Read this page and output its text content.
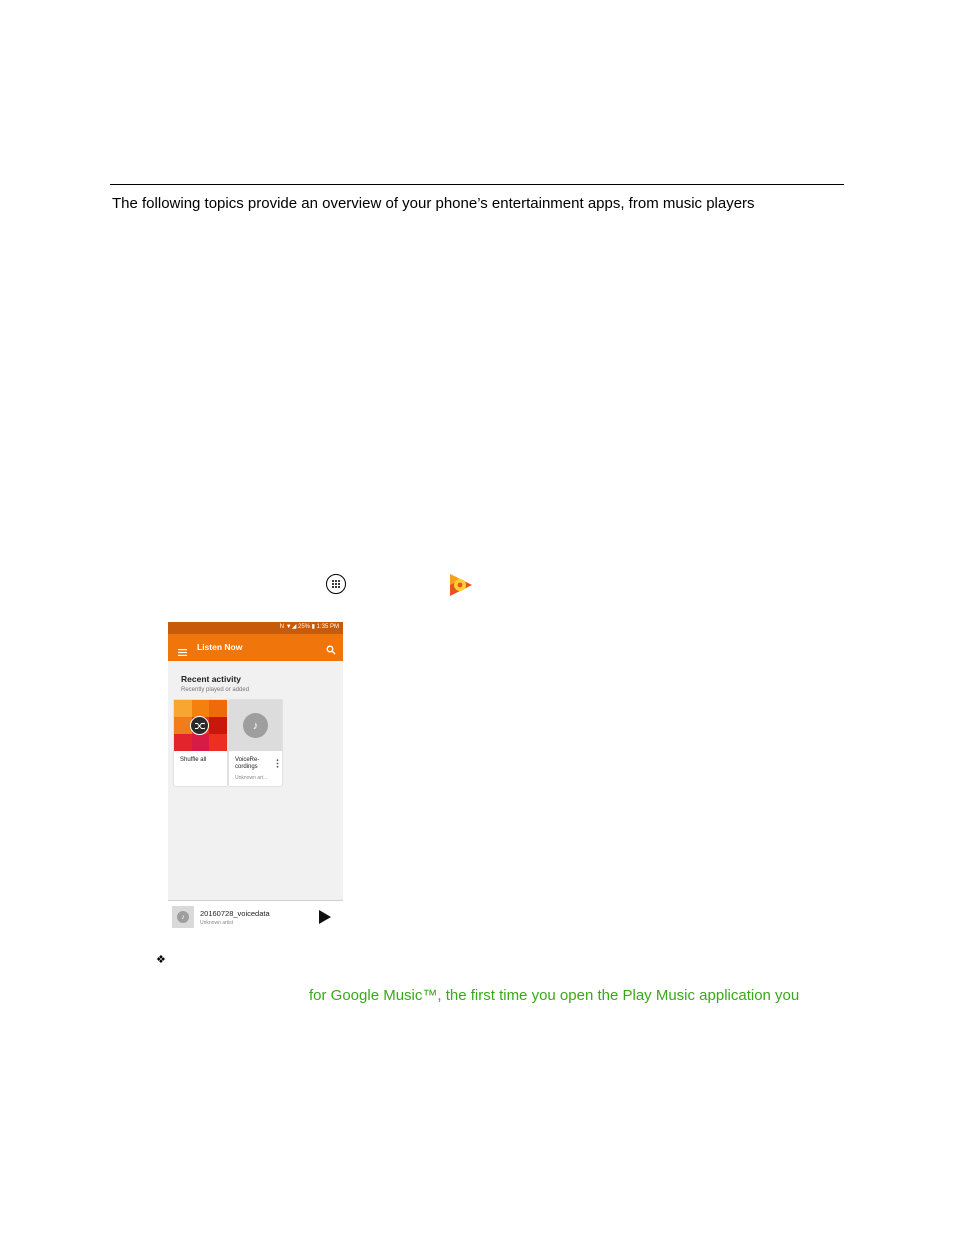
The following topics provide an overview of your phone’s entertainment apps, from music players
N ▼◢ 25% ▮ 1:35 PM
Listen Now
Recent activity
Recently played or added
Shuffle all
♪
VoiceRe-
cordings
Unknown art...
♪	20160728_voicedata
Unknown artist
❖
for Google Music™, the first time you open the Play Music application you
